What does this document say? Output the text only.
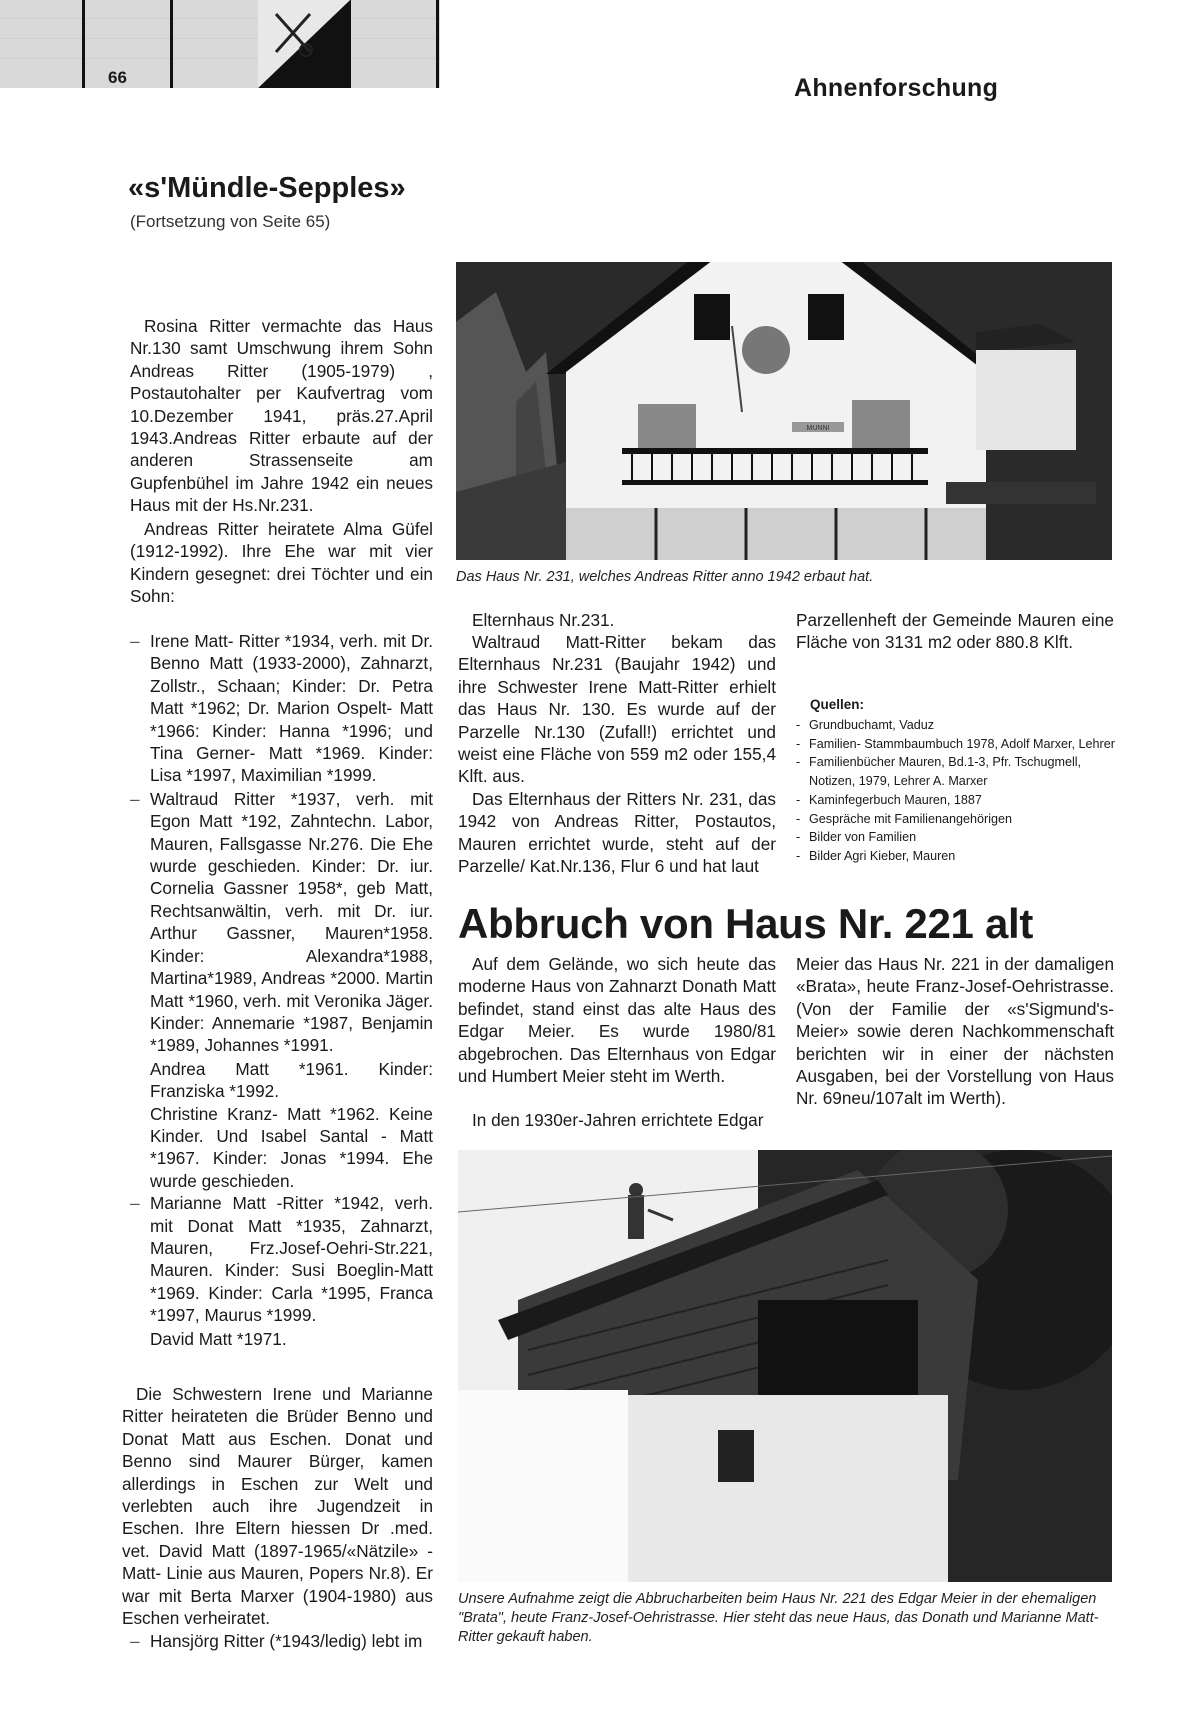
66	Ahnenforschung
«s'Mündle-Sepples»
(Fortsetzung von Seite 65)

Rosina Ritter vermachte das Haus Nr.130 samt Umschwung ihrem Sohn Andreas Ritter (1905-1979) , Postautohalter per Kaufvertrag vom 10.Dezember 1941, präs.27.April 1943.Andreas Ritter erbaute auf der anderen Strassenseite am Gupfenbühel im Jahre 1942 ein neues Haus mit der Hs.Nr.231.

Andreas Ritter heiratete Alma Güfel (1912-1992). Ihre Ehe war mit vier Kindern gesegnet: drei Töchter und ein Sohn:

– Irene Matt- Ritter *1934, verh. mit Dr. Benno Matt (1933-2000), Zahnarzt, Zollstr., Schaan; Kinder: Dr. Petra Matt *1962; Dr. Marion Ospelt- Matt *1966: Kinder: Hanna *1996; und Tina Gerner- Matt *1969. Kinder: Lisa *1997, Maximilian *1999.
– Waltraud Ritter *1937, verh. mit Egon Matt *192, Zahntechn. Labor, Mauren, Fallsgasse Nr.276. Die Ehe wurde geschieden. Kinder: Dr. iur. Cornelia Gassner 1958*, geb Matt, Rechtsanwältin, verh. mit Dr. iur. Arthur Gassner, Mauren*1958. Kinder: Alexandra*1988, Martina*1989, Andreas *2000. Martin Matt *1960, verh. mit Veronika Jäger. Kinder: Annemarie *1987, Benjamin *1989, Johannes *1991.

Andrea Matt *1961. Kinder: Franziska *1992.

Christine Kranz- Matt *1962. Keine Kinder. Und Isabel Santal - Matt *1967. Kinder: Jonas *1994. Ehe wurde geschieden.

– Marianne Matt -Ritter *1942, verh. mit Donat Matt *1935, Zahnarzt, Mauren, Frz.Josef-Oehri-Str.221, Mauren. Kinder: Susi Boeglin-Matt *1969. Kinder: Carla *1995, Franca *1997, Maurus *1999.

David Matt *1971.

Die Schwestern Irene und Marianne Ritter heirateten die Brüder Benno und Donat Matt aus Eschen. Donat und Benno sind Maurer Bürger, kamen allerdings in Eschen zur Welt und verlebten auch ihre Jugendzeit in Eschen. Ihre Eltern hiessen Dr .med. vet. David Matt (1897-1965/«Nätzile» -Matt- Linie aus Mauren, Popers Nr.8). Er war mit Berta Marxer (1904-1980) aus Eschen verheiratet.

– Hansjörg Ritter (*1943/ledig) lebt im
MUNNI
Das Haus Nr. 231, welches Andreas Ritter anno 1942 erbaut hat.

Elternhaus Nr.231.

Waltraud Matt-Ritter bekam das Elternhaus Nr.231 (Baujahr 1942) und ihre Schwester Irene Matt-Ritter erhielt das Haus Nr. 130. Es wurde auf der Parzelle Nr.130 (Zufall!) errichtet und weist eine Fläche von 559 m2 oder 155,4 Klft. aus.

Das Elternhaus der Ritters Nr. 231, das 1942 von Andreas Ritter, Postautos, Mauren errichtet wurde, steht auf der Parzelle/ Kat.Nr.136, Flur 6 und hat laut

Parzellenheft der Gemeinde Mauren eine Fläche von 3131 m2 oder 880.8 Klft.

Quellen:
- Grundbuchamt, Vaduz
- Familien- Stammbaumbuch 1978, Adolf Marxer, Lehrer
- Familienbücher Mauren, Bd.1-3, Pfr. Tschugmell, Notizen, 1979, Lehrer A. Marxer
- Kaminfegerbuch Mauren, 1887
- Gespräche mit Familienangehörigen
- Bilder von Familien
- Bilder Agri Kieber, Mauren
Abbruch von Haus Nr. 221 alt

Auf dem Gelände, wo sich heute das moderne Haus von Zahnarzt Donath Matt befindet, stand einst das alte Haus des Edgar Meier. Es wurde 1980/81 abgebrochen. Das Elternhaus von Edgar und Humbert Meier steht im Werth.

In den 1930er-Jahren errichtete Edgar

Meier das Haus Nr. 221 in der damaligen «Brata», heute Franz-Josef-Oehristrasse. (Von der Familie der «s'Sigmund's-Meier» sowie deren Nachkommenschaft berichten wir in einer der nächsten Ausgaben, bei der Vorstellung von Haus Nr. 69neu/107alt im Werth).

Unsere Aufnahme zeigt die Abbrucharbeiten beim Haus Nr. 221 des Edgar Meier in der ehemaligen "Brata", heute Franz-Josef-Oehristrasse. Hier steht das neue Haus, das Donath und Marianne Matt-Ritter gekauft haben.
